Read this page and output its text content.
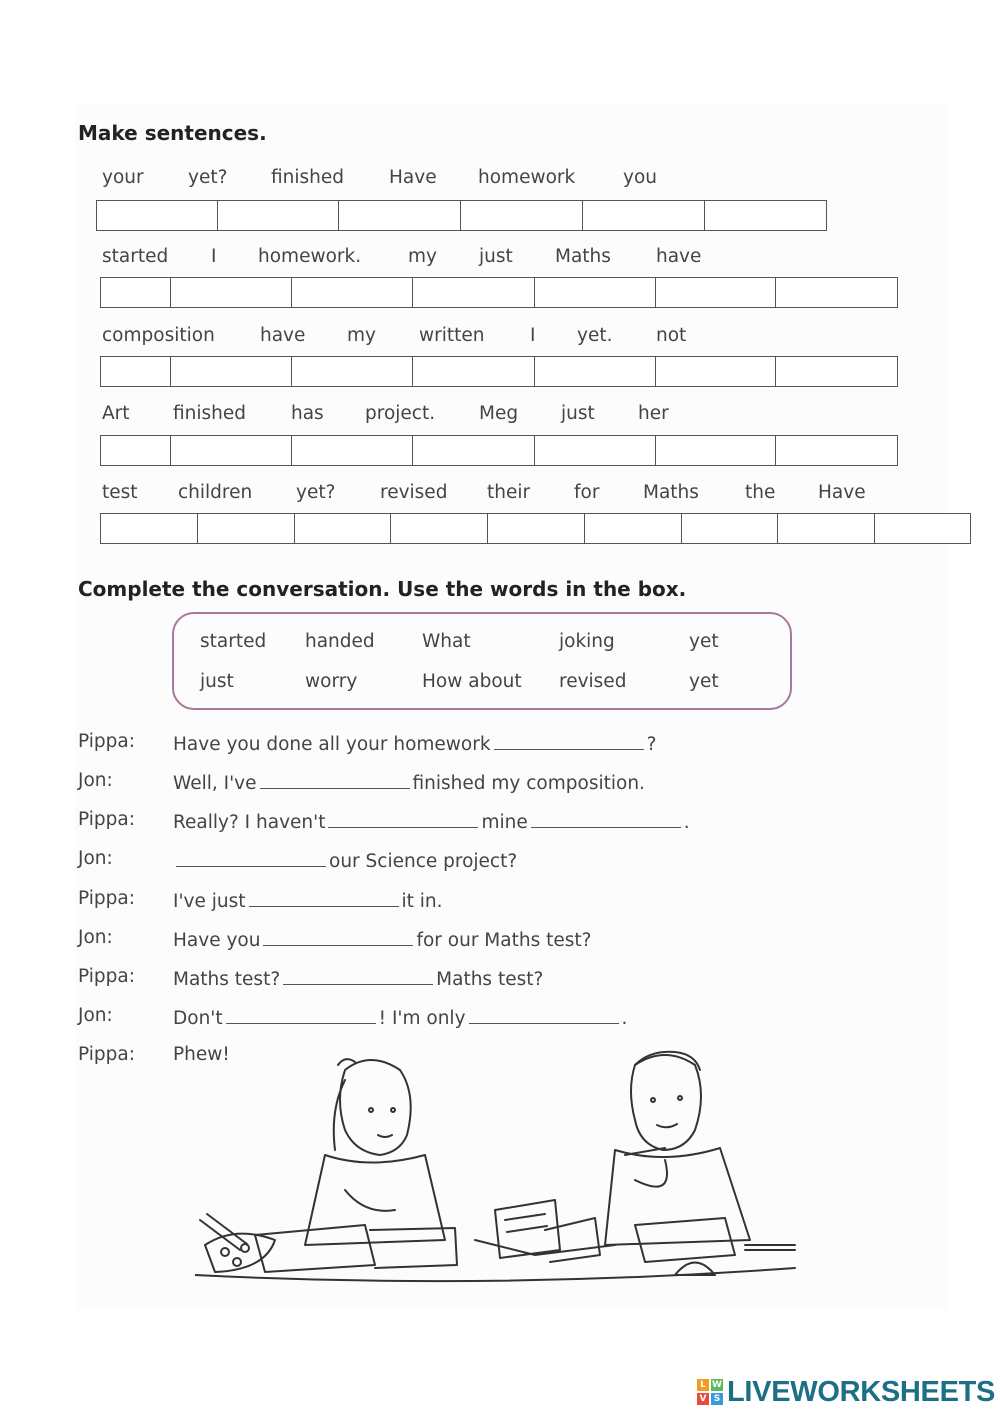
Make sentences.
your yet? finished Have homework	you
started I homework.	my just Maths have
composition have my written I yet. not
Art finished has project. Meg just her
test children yet? revised their for Maths the Have
Complete the conversation. Use the words in the box.
started handed	What	joking	yet
just	worry	How about revised	yet
Pippa: Have you done all your homework	?
Jon:	Well, I've	finished my composition.
Pippa: Really? I haven't	mine	.
Jon:	our Science project?
Pippa: I've just	it in.
Jon:	Have you	for our Maths test?
Pippa: Maths test?	Maths test?
Jon:	Don't	! I'm only	.
Pippa: Phew!
L W
V S LIVEWORKSHEETS
